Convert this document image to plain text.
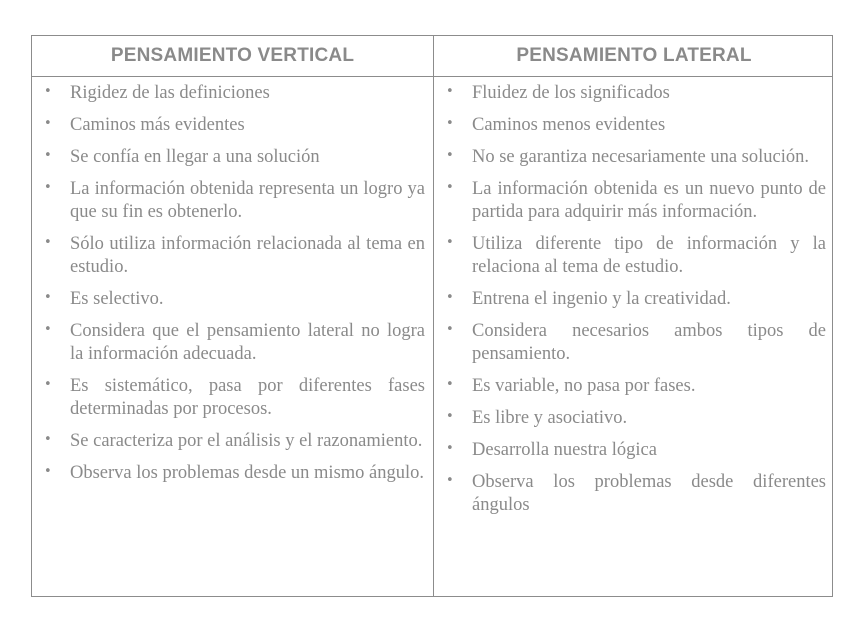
PENSAMIENTO VERTICAL	PENSAMIENTO LATERAL
• Rigidez de las definiciones
• Caminos más evidentes
• Se confía en llegar a una solución
• La información obtenida representa un logro ya que su fin es obtenerlo.
• Sólo utiliza información relacionada al tema en estudio.
• Es selectivo.
• Considera que el pensamiento lateral no logra la información adecuada.
• Es sistemático, pasa por diferentes fases determinadas por procesos.
• Se caracteriza por el análisis y el razonamiento.
• Observa los problemas desde un mismo ángulo.
• Fluidez de los significados
• Caminos menos evidentes
• No se garantiza necesariamente una solución.
• La información obtenida es un nuevo punto de partida para adquirir más información.
• Utiliza diferente tipo de información y la relaciona al tema de estudio.
• Entrena el ingenio y la creatividad.
• Considera necesarios ambos tipos de pensamiento.
• Es variable, no pasa por fases.
• Es libre y asociativo.
• Desarrolla nuestra lógica
• Observa los problemas desde diferentes ángulos
